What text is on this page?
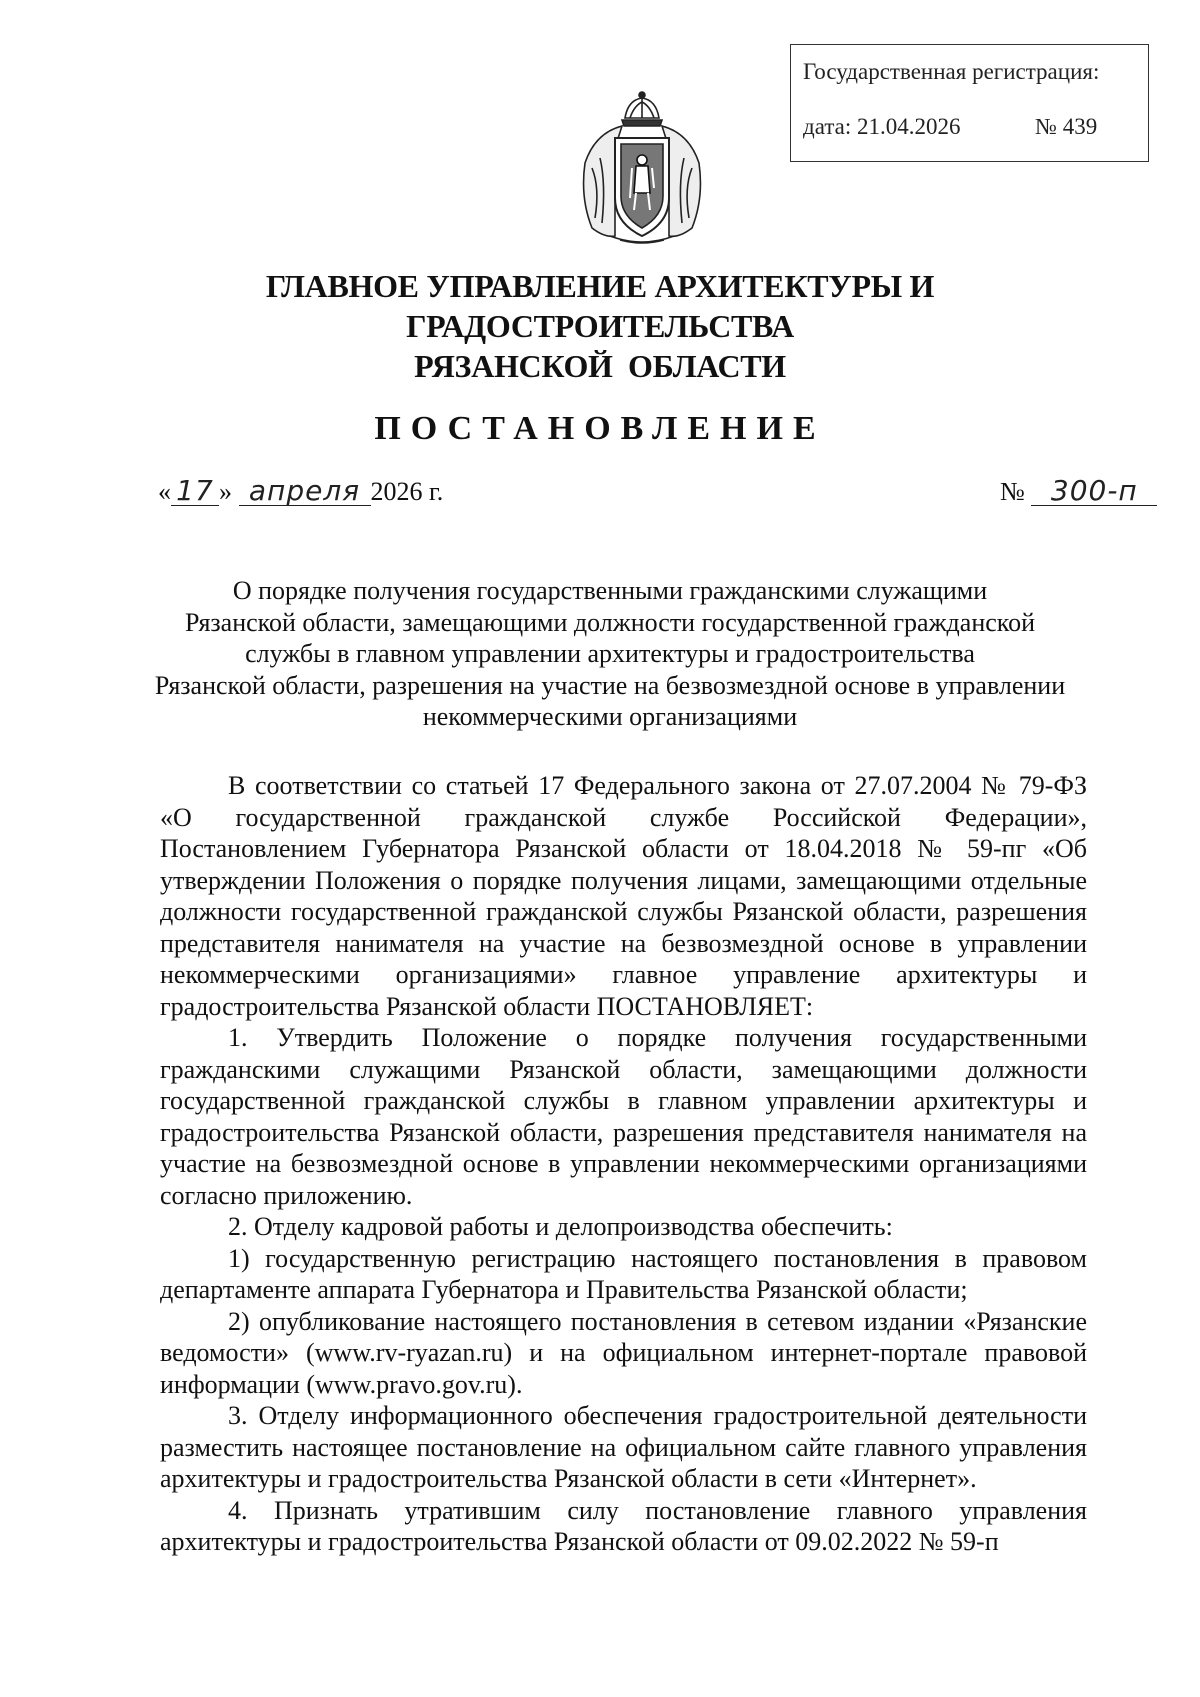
Государственная регистрация:
дата: 21.04.2026	№ 439
ГЛАВНОЕ УПРАВЛЕНИЕ АРХИТЕКТУРЫ И ГРАДОСТРОИТЕЛЬСТВА
РЯЗАНСКОЙ  ОБЛАСТИ
ПОСТАНОВЛЕНИЕ
« 17 » апреля 2026 г.	№ 300-п
О порядке получения государственными гражданскими служащими
Рязанской области, замещающими должности государственной гражданской
службы в главном управлении архитектуры и градостроительства
Рязанской области, разрешения на участие на безвозмездной основе в управлении
некоммерческими организациями

В соответствии со статьей 17 Федерального закона от 27.07.2004 № 79-ФЗ «О государственной гражданской службе Российской Федерации», Постановлением Губернатора Рязанской области от 18.04.2018 № 59-пг «Об утверждении Положения о порядке получения лицами, замещающими отдельные должности государственной гражданской службы Рязанской области, разрешения представителя нанимателя на участие на безвозмездной основе в управлении некоммерческими организациями» главное управление архитектуры и градостроительства Рязанской области ПОСТАНОВЛЯЕТ:

1. Утвердить Положение о порядке получения государственными гражданскими служащими Рязанской области, замещающими должности государственной гражданской службы в главном управлении архитектуры и градостроительства Рязанской области, разрешения представителя нанимателя на участие на безвозмездной основе в управлении некоммерческими организациями согласно приложению.

2. Отделу кадровой работы и делопроизводства обеспечить:

1) государственную регистрацию настоящего постановления в правовом департаменте аппарата Губернатора и Правительства Рязанской области;

2) опубликование настоящего постановления в сетевом издании «Рязанские ведомости» (www.rv-ryazan.ru) и на официальном интернет-портале правовой информации (www.pravo.gov.ru).

3. Отделу информационного обеспечения градостроительной деятельности разместить настоящее постановление на официальном сайте главного управления архитектуры и градостроительства Рязанской области в сети «Интернет».

4. Признать утратившим силу постановление главного управления архитектуры и градостроительства Рязанской области от 09.02.2022 № 59-п
